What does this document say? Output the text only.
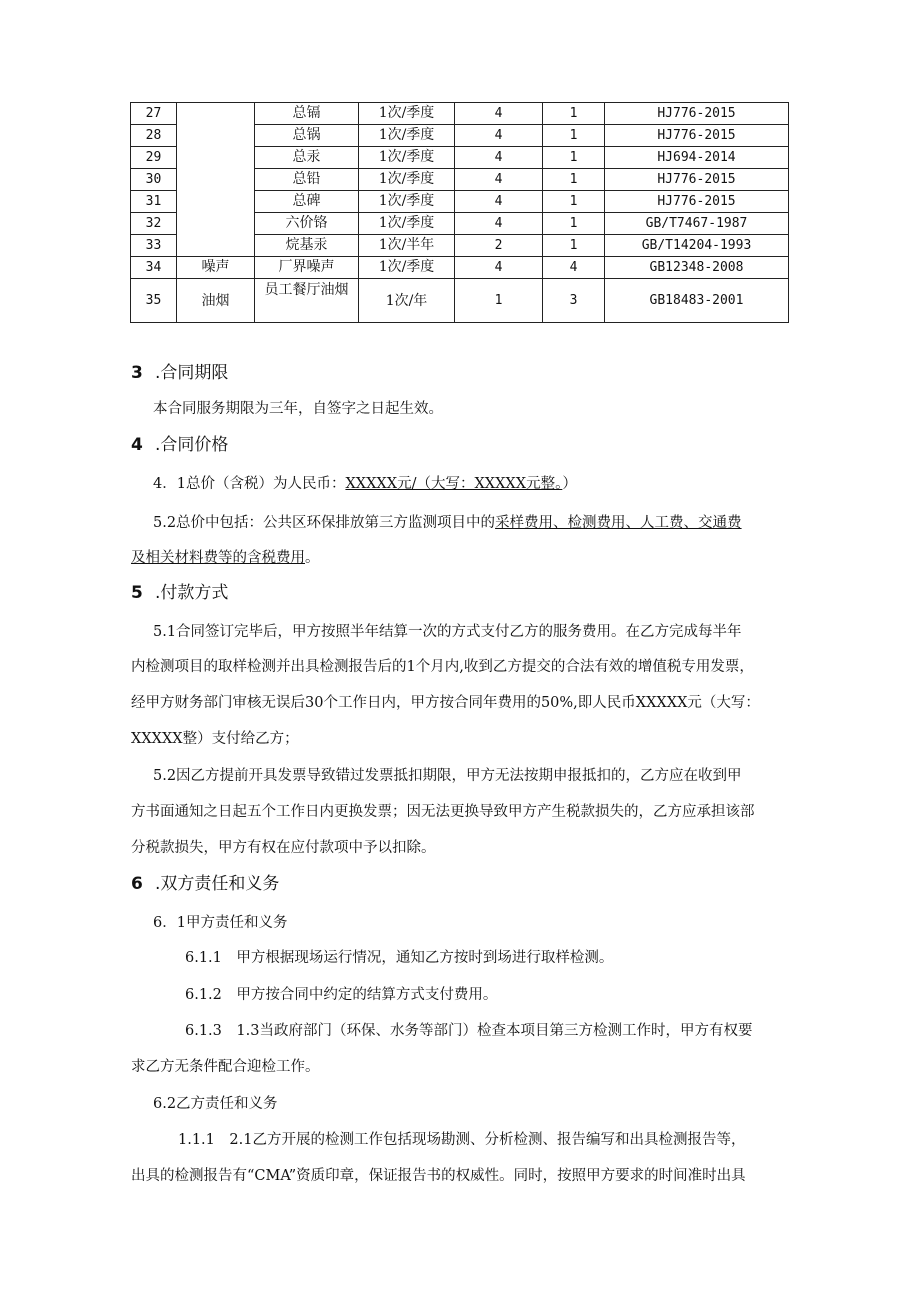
27		总镉	1次/季度	4	1	HJ776-2015
28		总锅	1次/季度	4	1	HJ776-2015
29		总汞	1次/季度	4	1	HJ694-2014
30		总铅	1次/季度	4	1	HJ776-2015
31		总碑	1次/季度	4	1	HJ776-2015
32		六价铬	1次/季度	4	1	GB/T7467-1987
33		烷基汞	1次/半年	2	1	GB/T14204-1993
34	噪声	厂界噪声	1次/季度	4	4	GB12348-2008
35	油烟	员工餐厅油烟	1次/年	1	3	GB18483-2001
3 .合同期限
本合同服务期限为三年，自签字之日起生效。
4 .合同价格
4．1总价（含税）为人民币：XXXXX元/（大写：XXXXX元整。）
5.2总价中包括：公共区环保排放第三方监测项目中的采样费用、检测费用、人工费、交通费
及相关材料费等的含税费用。
5 .付款方式
5.1合同签订完毕后，甲方按照半年结算一次的方式支付乙方的服务费用。在乙方完成每半年
内检测项目的取样检测并出具检测报告后的1个月内,收到乙方提交的合法有效的增值税专用发票，
经甲方财务部门审核无误后30个工作日内，甲方按合同年费用的50%,即人民币XXXXX元（大写：
XXXXX整）支付给乙方；
5.2因乙方提前开具发票导致错过发票抵扣期限，甲方无法按期申报抵扣的，乙方应在收到甲
方书面通知之日起五个工作日内更换发票；因无法更换导致甲方产生税款损失的，乙方应承担该部
分税款损失，甲方有权在应付款项中予以扣除。
6 .双方责任和义务
6．1甲方责任和义务
6.1.1　甲方根据现场运行情况，通知乙方按时到场进行取样检测。
6.1.2　甲方按合同中约定的结算方式支付费用。
6.1.3　1.3当政府部门（环保、水务等部门）检查本项目第三方检测工作时，甲方有权要
求乙方无条件配合迎检工作。
6.2乙方责任和义务
1.1.1　2.1乙方开展的检测工作包括现场勘测、分析检测、报告编写和出具检测报告等，
出具的检测报告有“CMA”资质印章，保证报告书的权威性。同时，按照甲方要求的时间准时出具
